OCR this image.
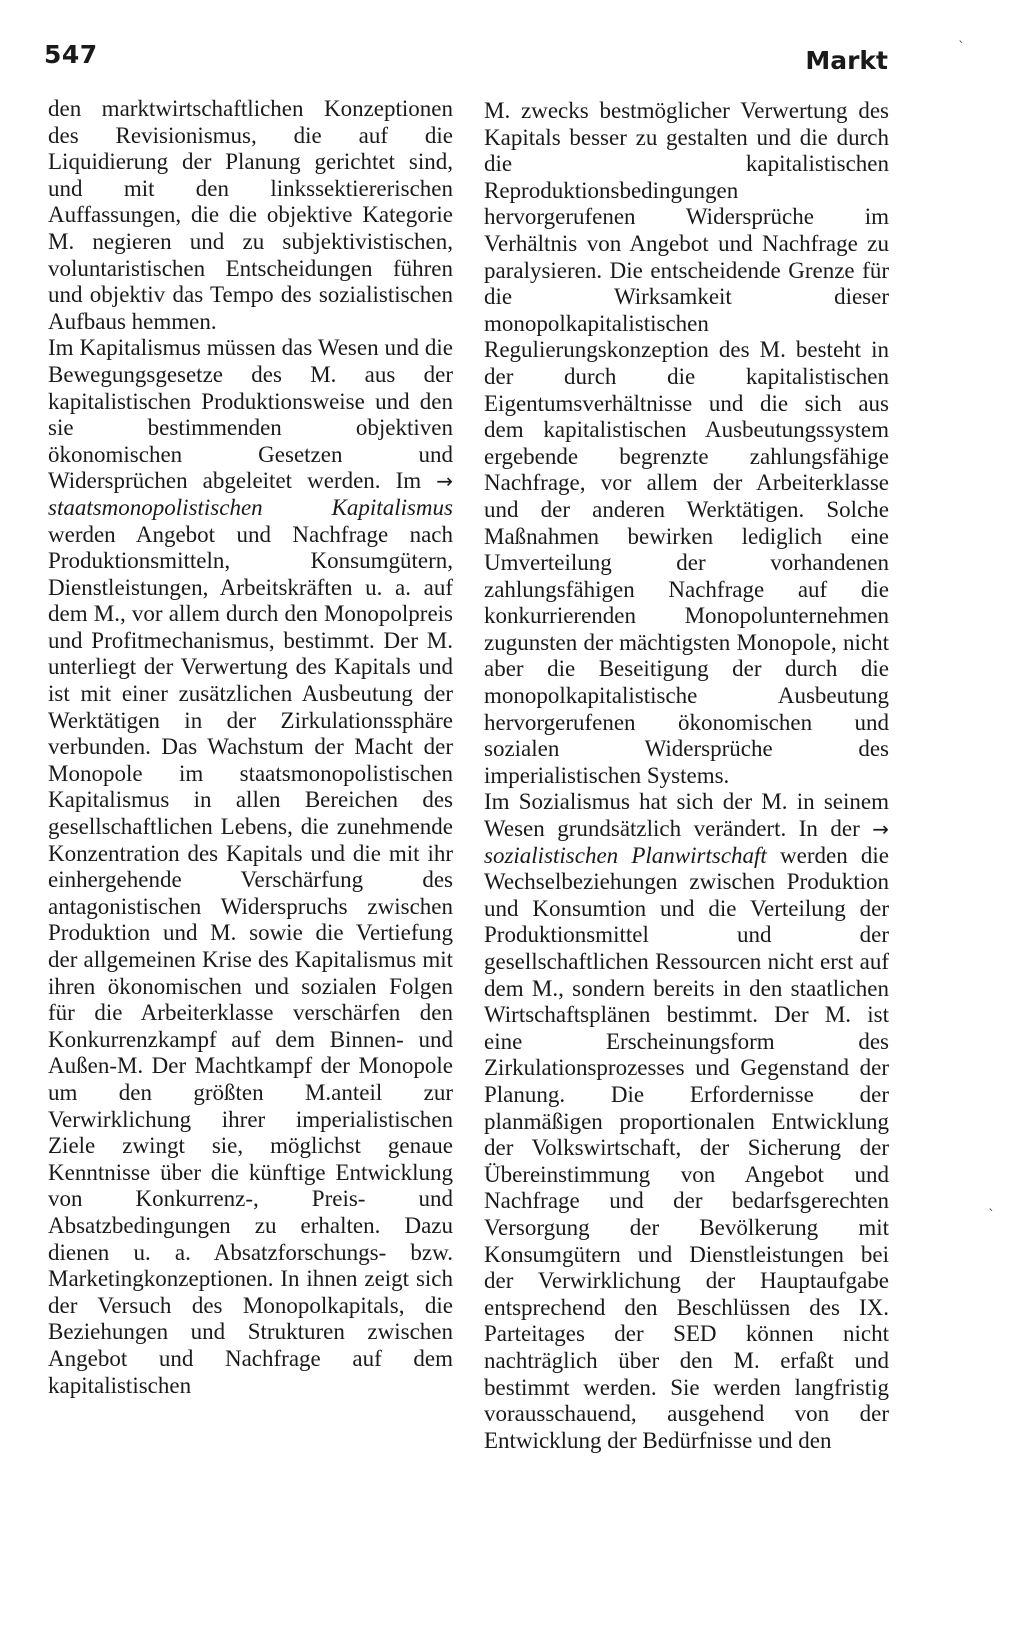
547	Markt

den marktwirtschaftlichen Konzeptionen des Revisionismus, die auf die Liquidierung der Planung gerichtet sind, und mit den linkssektiererischen Auffassungen, die die objektive Kategorie M. negieren und zu subjektivistischen, voluntaristischen Entscheidungen führen und objektiv das Tempo des sozialistischen Aufbaus hemmen.

Im Kapitalismus müssen das Wesen und die Bewegungsgesetze des M. aus der kapitalistischen Produktionsweise und den sie bestimmenden objektiven ökonomischen Gesetzen und Widersprüchen abgeleitet werden. Im → staatsmonopolistischen Kapitalismus werden Angebot und Nachfrage nach Produktionsmitteln, Konsumgütern, Dienstleistungen, Arbeitskräften u. a. auf dem M., vor allem durch den Monopolpreis und Profitmechanismus, bestimmt. Der M. unterliegt der Verwertung des Kapitals und ist mit einer zusätzlichen Ausbeutung der Werktätigen in der Zirkulationssphäre verbunden. Das Wachstum der Macht der Monopole im staatsmonopolistischen Kapitalismus in allen Bereichen des gesellschaftlichen Lebens, die zunehmende Konzentration des Kapitals und die mit ihr einhergehende Verschärfung des antagonistischen Widerspruchs zwischen Produktion und M. sowie die Vertiefung der allgemeinen Krise des Kapitalismus mit ihren ökonomischen und sozialen Folgen für die Arbeiterklasse verschärfen den Konkurrenzkampf auf dem Binnen- und Außen-M. Der Machtkampf der Monopole um den größten M.anteil zur Verwirklichung ihrer imperialistischen Ziele zwingt sie, möglichst genaue Kenntnisse über die künftige Entwicklung von Konkurrenz-, Preis- und Absatzbedingungen zu erhalten. Dazu dienen u. a. Absatzforschungs- bzw. Marketingkonzeptionen. In ihnen zeigt sich der Versuch des Monopolkapitals, die Beziehungen und Strukturen zwischen Angebot und Nachfrage auf dem kapitalistischen

M. zwecks bestmöglicher Verwertung des Kapitals besser zu gestalten und die durch die kapitalistischen Reproduktionsbedingungen hervorgerufenen Widersprüche im Verhältnis von Angebot und Nachfrage zu paralysieren. Die entscheidende Grenze für die Wirksamkeit dieser monopolkapitalistischen Regulierungskonzeption des M. besteht in der durch die kapitalistischen Eigentumsverhältnisse und die sich aus dem kapitalistischen Ausbeutungssystem ergebende begrenzte zahlungsfähige Nachfrage, vor allem der Arbeiterklasse und der anderen Werktätigen. Solche Maßnahmen bewirken lediglich eine Umverteilung der vorhandenen zahlungsfähigen Nachfrage auf die konkurrierenden Monopolunternehmen zugunsten der mächtigsten Monopole, nicht aber die Beseitigung der durch die monopolkapitalistische Ausbeutung hervorgerufenen ökonomischen und sozialen Widersprüche des imperialistischen Systems.

Im Sozialismus hat sich der M. in seinem Wesen grundsätzlich verändert. In der → sozialistischen Planwirtschaft werden die Wechselbeziehungen zwischen Produktion und Konsumtion und die Verteilung der Produktionsmittel und der gesellschaftlichen Ressourcen nicht erst auf dem M., sondern bereits in den staatlichen Wirtschaftsplänen bestimmt. Der M. ist eine Erscheinungsform des Zirkulationsprozesses und Gegenstand der Planung. Die Erfordernisse der planmäßigen proportionalen Entwicklung der Volkswirtschaft, der Sicherung der Übereinstimmung von Angebot und Nachfrage und der bedarfsgerechten Versorgung der Bevölkerung mit Konsumgütern und Dienstleistungen bei der Verwirklichung der Hauptaufgabe entsprechend den Beschlüssen des IX. Parteitages der SED können nicht nachträglich über den M. erfaßt und bestimmt werden. Sie werden langfristig vorausschauend, ausgehend von der Entwicklung der Bedürfnisse und den

ˋ
ˋ
